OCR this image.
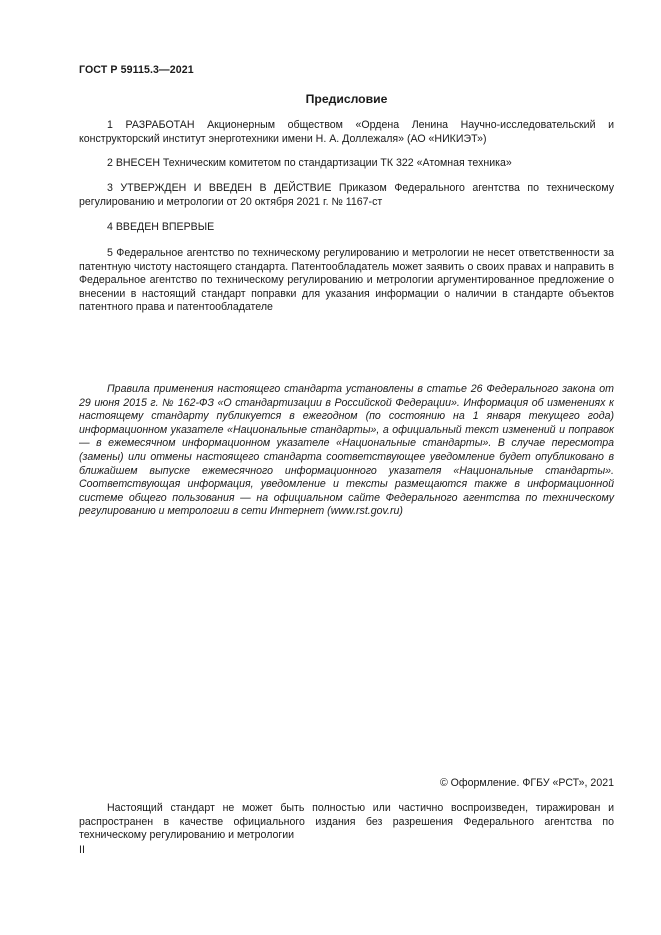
ГОСТ Р 59115.3—2021
Предисловие

1 РАЗРАБОТАН Акционерным обществом «Ордена Ленина Научно-исследовательский и конструкторский институт энерготехники имени Н. А. Доллежаля» (АО «НИКИЭТ»)

2 ВНЕСЕН Техническим комитетом по стандартизации ТК 322 «Атомная техника»

3 УТВЕРЖДЕН И ВВЕДЕН В ДЕЙСТВИЕ Приказом Федерального агентства по техническому регулированию и метрологии от 20 октября 2021 г. № 1167-ст

4 ВВЕДЕН ВПЕРВЫЕ

5 Федеральное агентство по техническому регулированию и метрологии не несет ответственности за патентную чистоту настоящего стандарта. Патентообладатель может заявить о своих правах и направить в Федеральное агентство по техническому регулированию и метрологии аргументированное предложение о внесении в настоящий стандарт поправки для указания информации о наличии в стандарте объектов патентного права и патентообладателе

Правила применения настоящего стандарта установлены в статье 26 Федерального закона от 29 июня 2015 г. № 162-ФЗ «О стандартизации в Российской Федерации». Информация об изменениях к настоящему стандарту публикуется в ежегодном (по состоянию на 1 января текущего года) информационном указателе «Национальные стандарты», а официальный текст изменений и поправок — в ежемесячном информационном указателе «Национальные стандарты». В случае пересмотра (замены) или отмены настоящего стандарта соответствующее уведомление будет опубликовано в ближайшем выпуске ежемесячного информационного указателя «Национальные стандарты». Соответствующая информация, уведомление и тексты размещаются также в информационной системе общего пользования — на официальном сайте Федерального агентства по техническому регулированию и метрологии в сети Интернет (www.rst.gov.ru)

© Оформление. ФГБУ «РСТ», 2021

Настоящий стандарт не может быть полностью или частично воспроизведен, тиражирован и распространен в качестве официального издания без разрешения Федерального агентства по техническому регулированию и метрологии

II
